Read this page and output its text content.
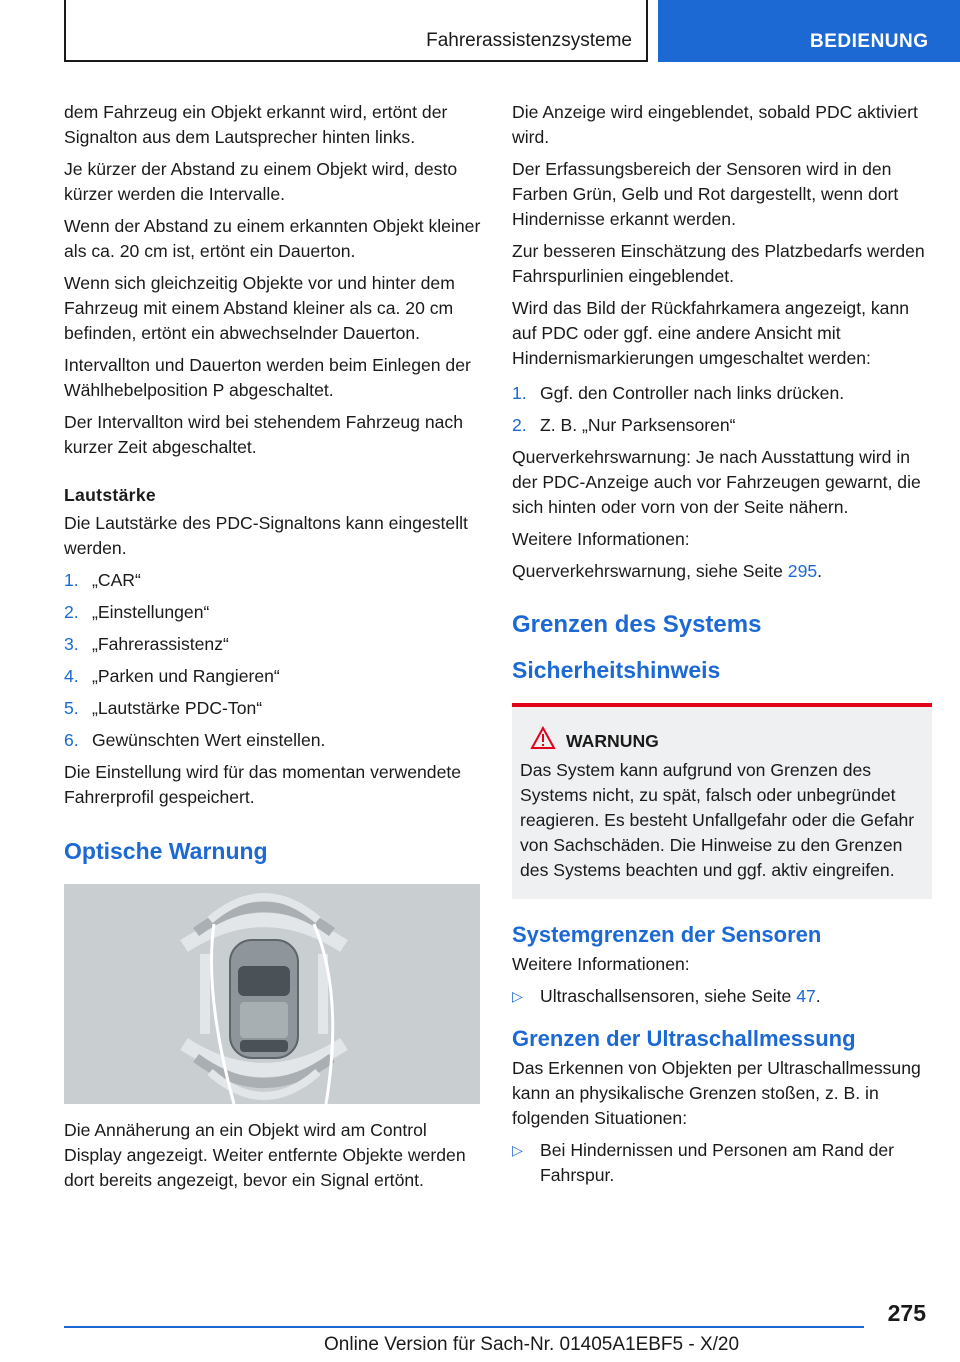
Fahrerassistenzsysteme	BEDIENUNG

dem Fahrzeug ein Objekt erkannt wird, ertönt der Signalton aus dem Lautsprecher hinten links.

Je kürzer der Abstand zu einem Objekt wird, desto kürzer werden die Intervalle.

Wenn der Abstand zu einem erkannten Objekt kleiner als ca. 20 cm ist, ertönt ein Dauerton.

Wenn sich gleichzeitig Objekte vor und hinter dem Fahrzeug mit einem Abstand kleiner als ca. 20 cm befinden, ertönt ein abwechselnder Dauerton.

Intervallton und Dauerton werden beim Einlegen der Wählhebelposition P abgeschaltet.

Der Intervallton wird bei stehendem Fahrzeug nach kurzer Zeit abgeschaltet.

Lautstärke

Die Lautstärke des PDC-Signaltons kann eingestellt werden.

1. „CAR“
2. „Einstellungen“
3. „Fahrerassistenz“
4. „Parken und Rangieren“
5. „Lautstärke PDC-Ton“
6. Gewünschten Wert einstellen.

Die Einstellung wird für das momentan verwendete Fahrerprofil gespeichert.

Optische Warnung

Die Annäherung an ein Objekt wird am Control Display angezeigt. Weiter entfernte Objekte werden dort bereits angezeigt, bevor ein Signal ertönt.

Die Anzeige wird eingeblendet, sobald PDC aktiviert wird.

Der Erfassungsbereich der Sensoren wird in den Farben Grün, Gelb und Rot dargestellt, wenn dort Hindernisse erkannt werden.

Zur besseren Einschätzung des Platzbedarfs werden Fahrspurlinien eingeblendet.

Wird das Bild der Rückfahrkamera angezeigt, kann auf PDC oder ggf. eine andere Ansicht mit Hindernismarkierungen umgeschaltet werden:

1. Ggf. den Controller nach links drücken.
2. Z. B. „Nur Parksensoren“

Querverkehrswarnung: Je nach Ausstattung wird in der PDC-Anzeige auch vor Fahrzeugen gewarnt, die sich hinten oder vorn von der Seite nähern.

Weitere Informationen:

Querverkehrswarnung, siehe Seite 295.

Grenzen des Systems
Sicherheitshinweis
WARNUNG
Das System kann aufgrund von Grenzen des Systems nicht, zu spät, falsch oder unbegründet reagieren. Es besteht Unfallgefahr oder die Gefahr von Sachschäden. Die Hinweise zu den Grenzen des Systems beachten und ggf. aktiv eingreifen.
Systemgrenzen der Sensoren

Weitere Informationen:

▷ Ultraschallsensoren, siehe Seite 47.
Grenzen der Ultraschallmessung

Das Erkennen von Objekten per Ultraschallmessung kann an physikalische Grenzen stoßen, z. B. in folgenden Situationen:

▷ Bei Hindernissen und Personen am Rand der Fahrspur.
275
Online Version für Sach-Nr. 01405A1EBF5 - X/20
